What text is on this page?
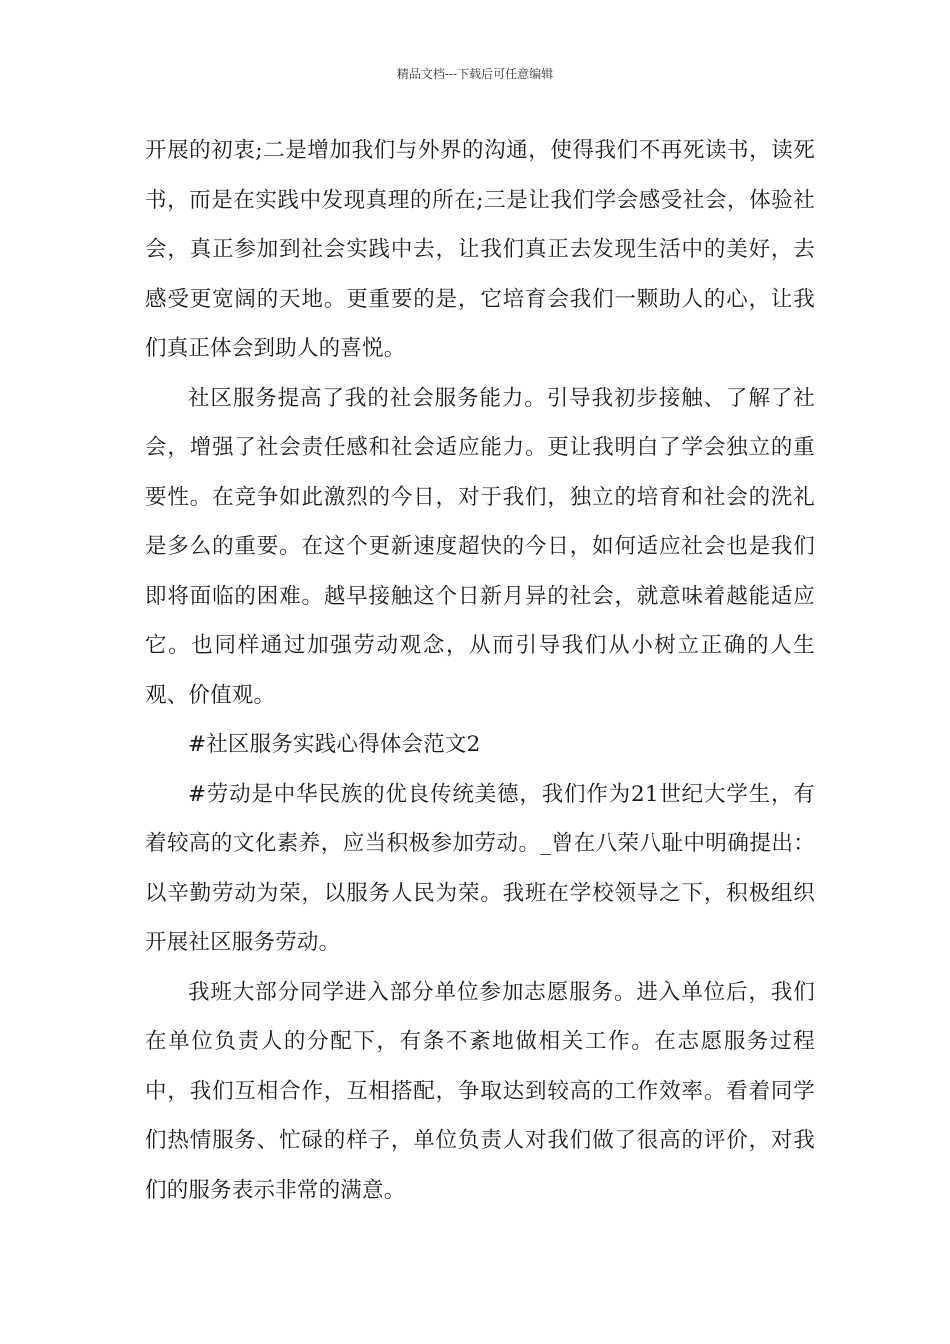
精品文档---下载后可任意编辑

开展的初衷;二是增加我们与外界的沟通，使得我们不再死读书，读死书，而是在实践中发现真理的所在;三是让我们学会感受社会，体验社会，真正参加到社会实践中去，让我们真正去发现生活中的美好，去感受更宽阔的天地。更重要的是，它培育会我们一颗助人的心，让我们真正体会到助人的喜悦。

社区服务提高了我的社会服务能力。引导我初步接触、了解了社会，增强了社会责任感和社会适应能力。更让我明白了学会独立的重要性。在竞争如此激烈的今日，对于我们，独立的培育和社会的洗礼是多么的重要。在这个更新速度超快的今日，如何适应社会也是我们即将面临的困难。越早接触这个日新月异的社会，就意味着越能适应它。也同样通过加强劳动观念，从而引导我们从小树立正确的人生观、价值观。

#社区服务实践心得体会范文2

#劳动是中华民族的优良传统美德，我们作为21世纪大学生，有着较高的文化素养，应当积极参加劳动。_曾在八荣八耻中明确提出：以辛勤劳动为荣，以服务人民为荣。我班在学校领导之下，积极组织开展社区服务劳动。

我班大部分同学进入部分单位参加志愿服务。进入单位后，我们在单位负责人的分配下，有条不紊地做相关工作。在志愿服务过程中，我们互相合作，互相搭配，争取达到较高的工作效率。看着同学们热情服务、忙碌的样子，单位负责人对我们做了很高的评价，对我们的服务表示非常的满意。
